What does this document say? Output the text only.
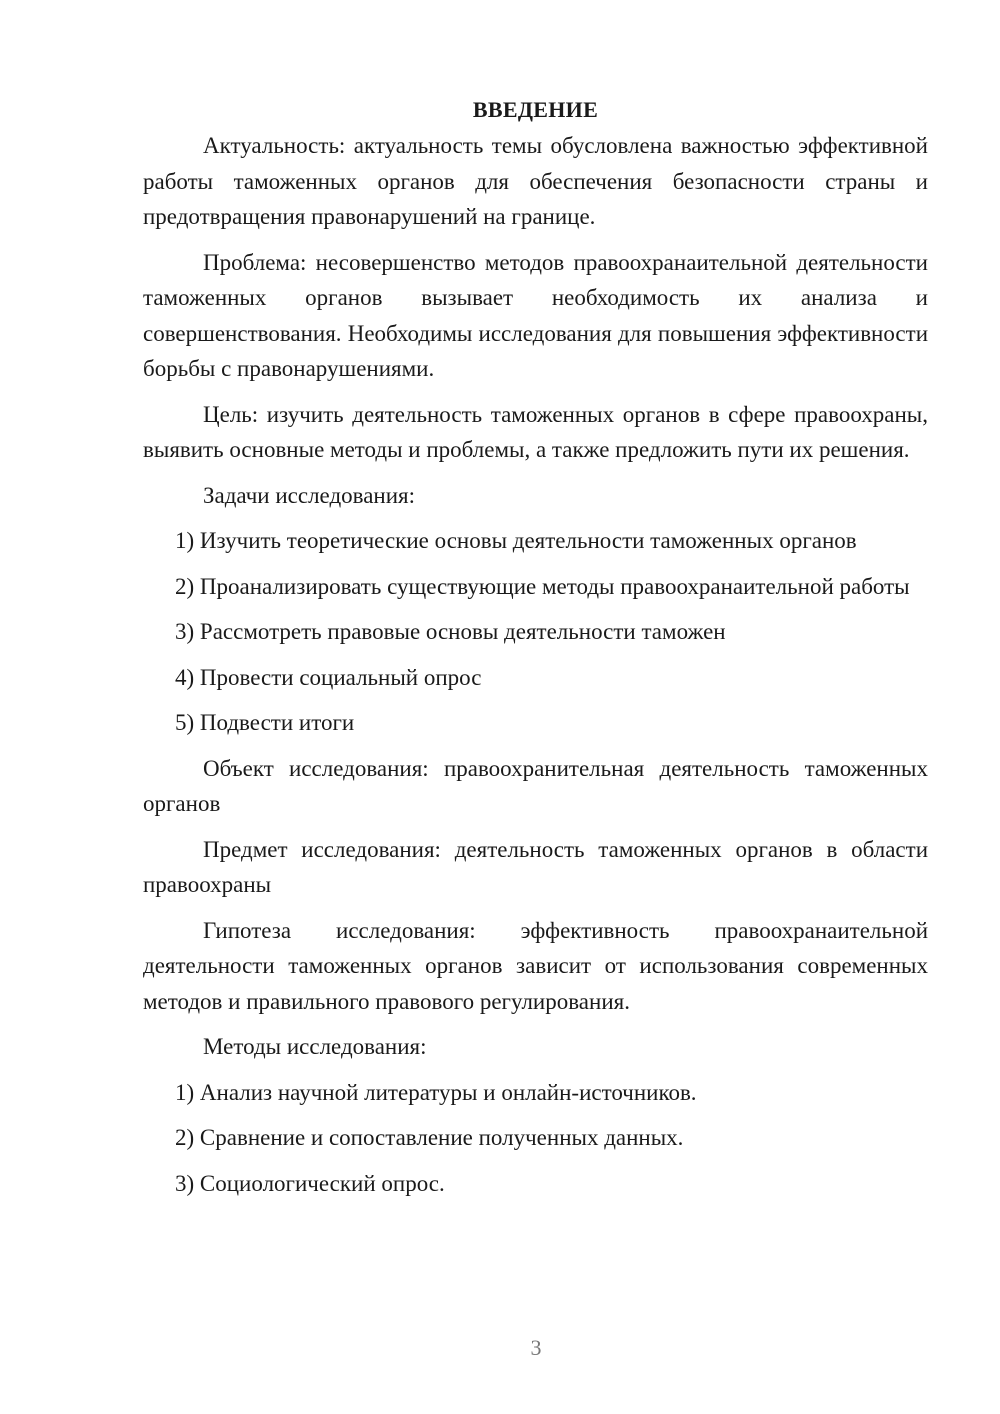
ВВЕДЕНИЕ

Актуальность: актуальность темы обусловлена важностью эффективной работы таможенных органов для обеспечения безопасности страны и предотвращения правонарушений на границе.

Проблема: несовершенство методов правоохранаительной деятельности таможенных органов вызывает необходимость их анализа и совершенствования. Необходимы исследования для повышения эффективности борьбы с правонарушениями.

Цель: изучить деятельность таможенных органов в сфере правоохраны, выявить основные методы и проблемы, а также предложить пути их решения.

Задачи исследования:

1) Изучить теоретические основы деятельности таможенных органов

2) Проанализировать существующие методы правоохранаительной работы

3) Рассмотреть правовые основы деятельности таможен

4) Провести социальный опрос

5) Подвести итоги

Объект исследования: правоохранительная деятельность таможенных органов

Предмет исследования: деятельность таможенных органов в области правоохраны

Гипотеза исследования: эффективность правоохранаительной деятельности таможенных органов зависит от использования современных методов и правильного правового регулирования.

Методы исследования:

1) Анализ научной литературы и онлайн-источников.

2) Сравнение и сопоставление полученных данных.

3) Социологический опрос.

3
